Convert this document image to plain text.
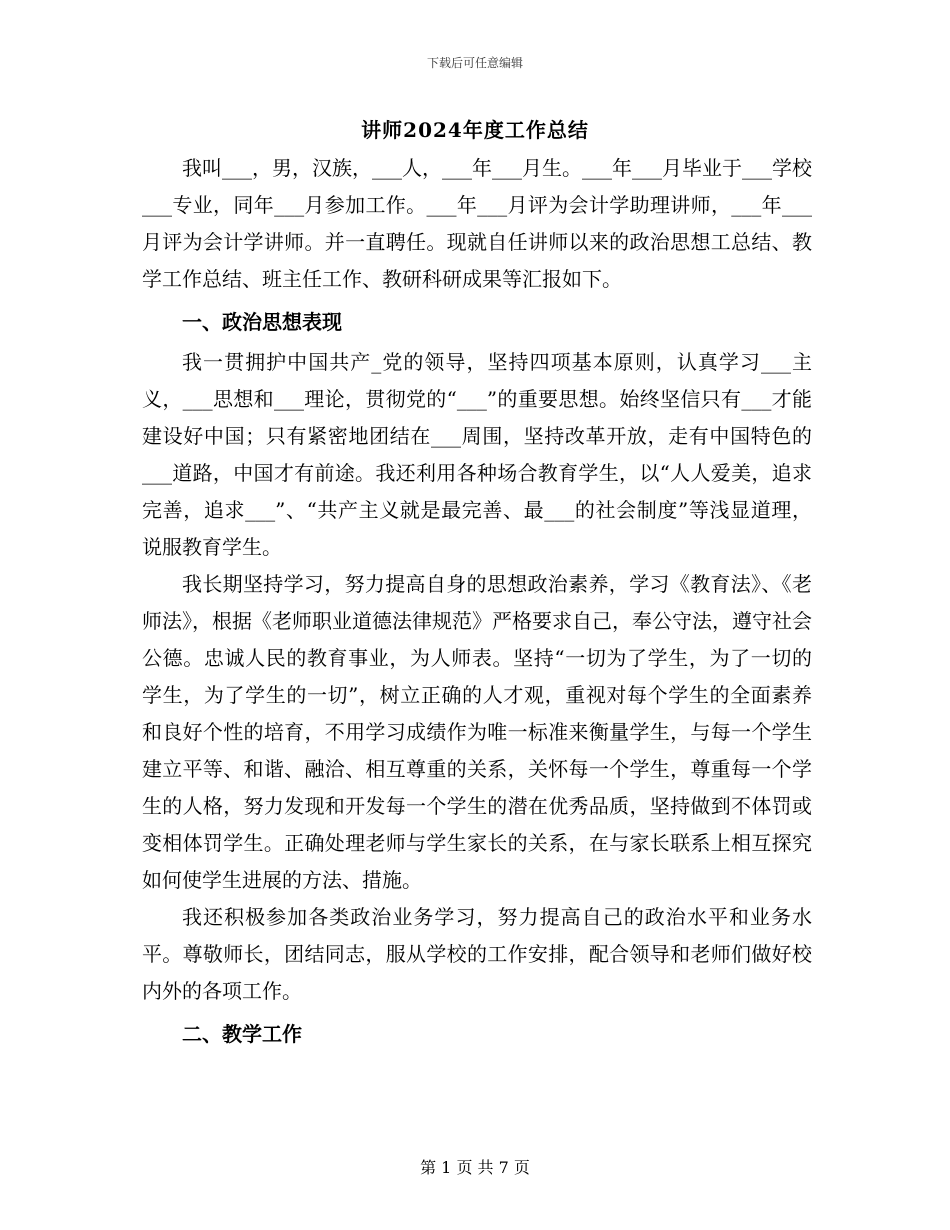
下载后可任意编辑
讲师2024年度工作总结

我叫___，男，汉族，___人，___年___月生。___年___月毕业于___学校___专业，同年___月参加工作。___年___月评为会计学助理讲师，___年___月评为会计学讲师。并一直聘任。现就自任讲师以来的政治思想工总结、教学工作总结、班主任工作、教研科研成果等汇报如下。

一、政治思想表现

我一贯拥护中国共产_党的领导，坚持四项基本原则，认真学习___主义，___思想和___理论，贯彻党的“___”的重要思想。始终坚信只有___才能建设好中国；只有紧密地团结在___周围，坚持改革开放，走有中国特色的___道路，中国才有前途。我还利用各种场合教育学生，以“人人爱美，追求完善，追求___”、“共产主义就是最完善、最___的社会制度”等浅显道理，说服教育学生。

我长期坚持学习，努力提高自身的思想政治素养，学习《教育法》、《老师法》，根据《老师职业道德法律规范》严格要求自己，奉公守法，遵守社会公德。忠诚人民的教育事业，为人师表。坚持“一切为了学生，为了一切的学生，为了学生的一切”，树立正确的人才观，重视对每个学生的全面素养和良好个性的培育，不用学习成绩作为唯一标准来衡量学生，与每一个学生建立平等、和谐、融洽、相互尊重的关系，关怀每一个学生，尊重每一个学生的人格，努力发现和开发每一个学生的潜在优秀品质，坚持做到不体罚或变相体罚学生。正确处理老师与学生家长的关系，在与家长联系上相互探究如何使学生进展的方法、措施。

我还积极参加各类政治业务学习，努力提高自己的政治水平和业务水平。尊敬师长，团结同志，服从学校的工作安排，配合领导和老师们做好校内外的各项工作。

二、教学工作
第 1 页 共 7 页
